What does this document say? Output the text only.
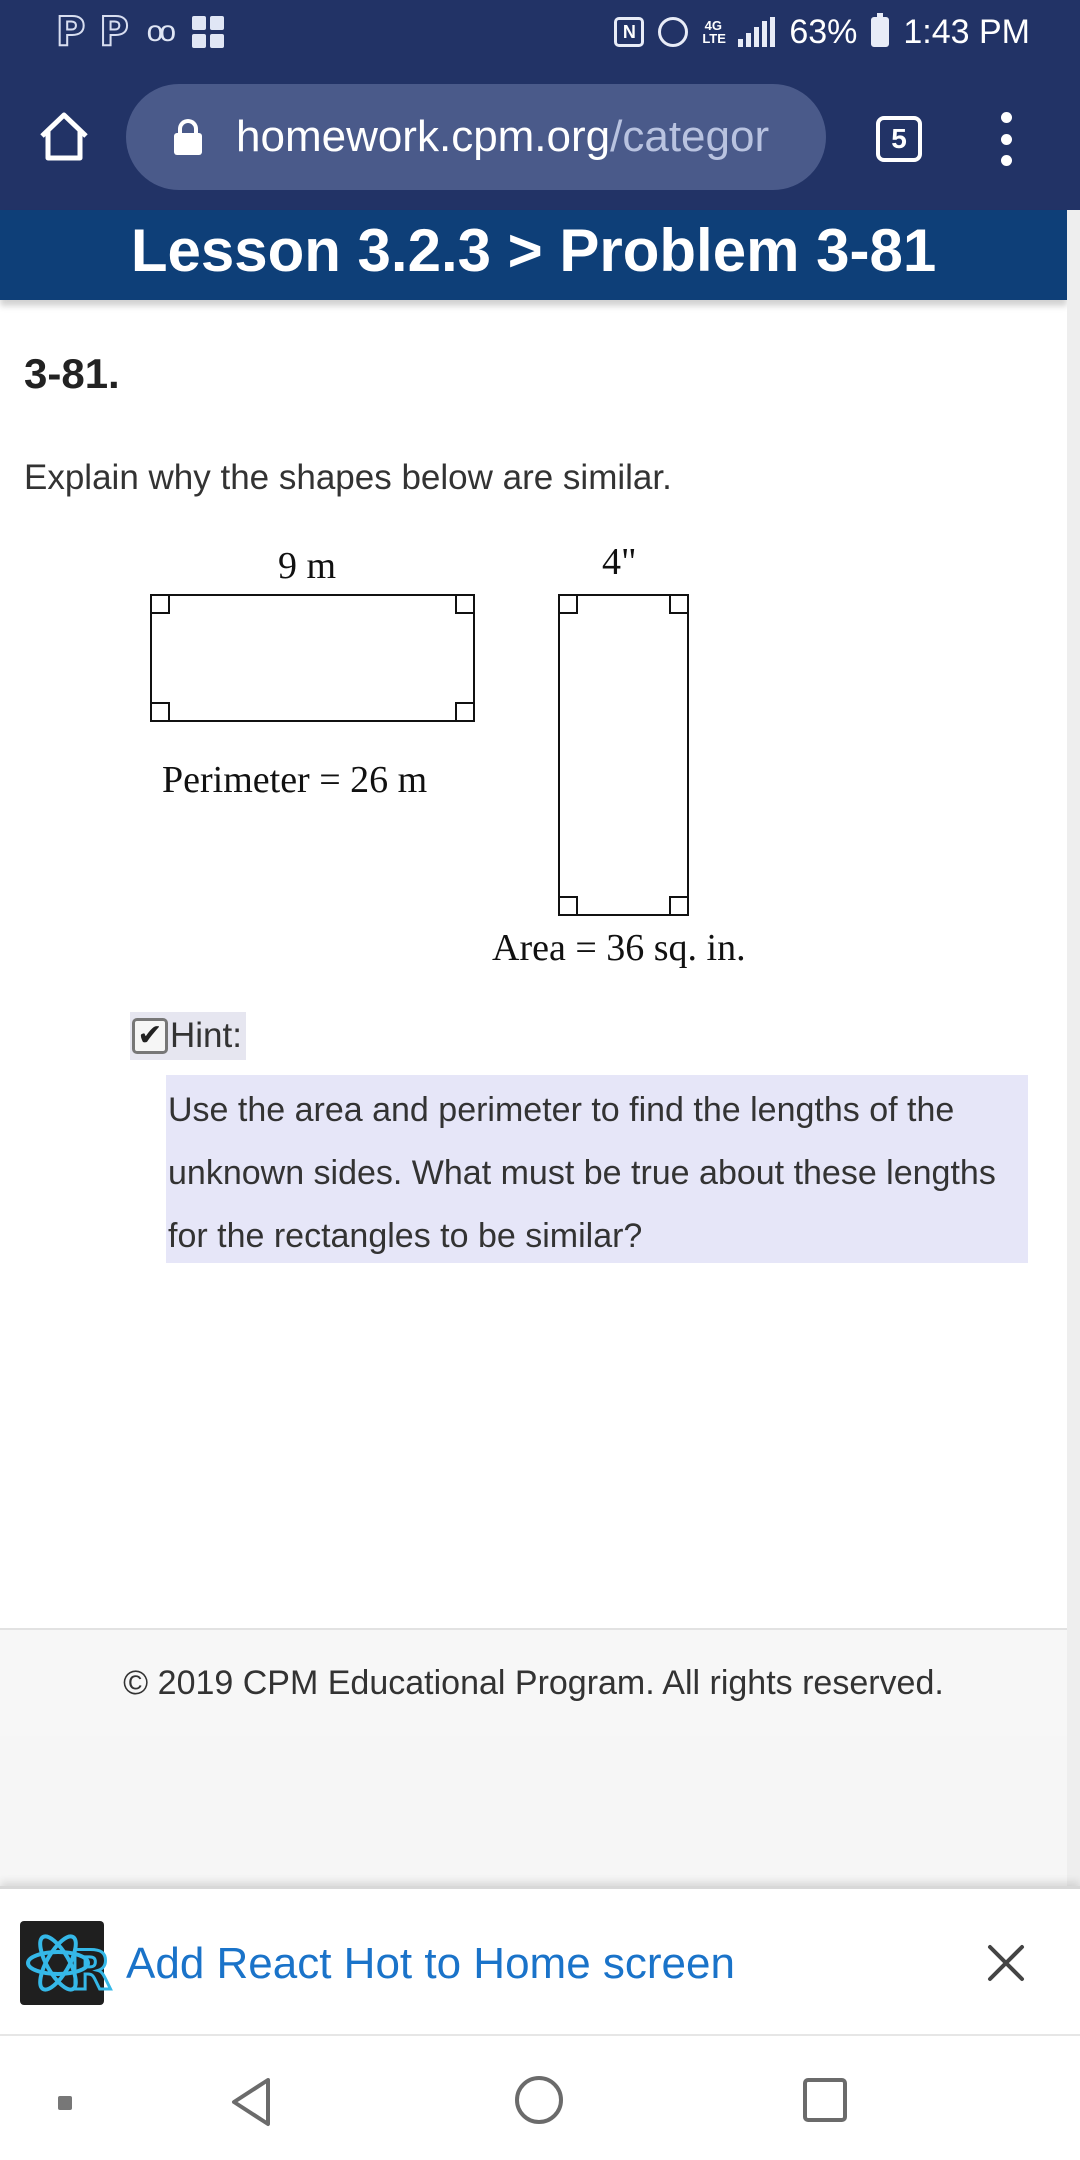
P P oo	N	4G LTE 63% 1:43 PM
homework.cpm.org/categor	5
Lesson 3.2.3 > Problem 3-81
3-81.
Explain why the shapes below are similar.
9 m
Perimeter = 26 m
4"
Area = 36 sq. in.
✔ Hint:
Use the area and perimeter to find the lengths of the unknown sides. What must be true about these lengths for the rectangles to be similar?
© 2019 CPM Educational Program. All rights reserved.
R Add React Hot to Home screen
